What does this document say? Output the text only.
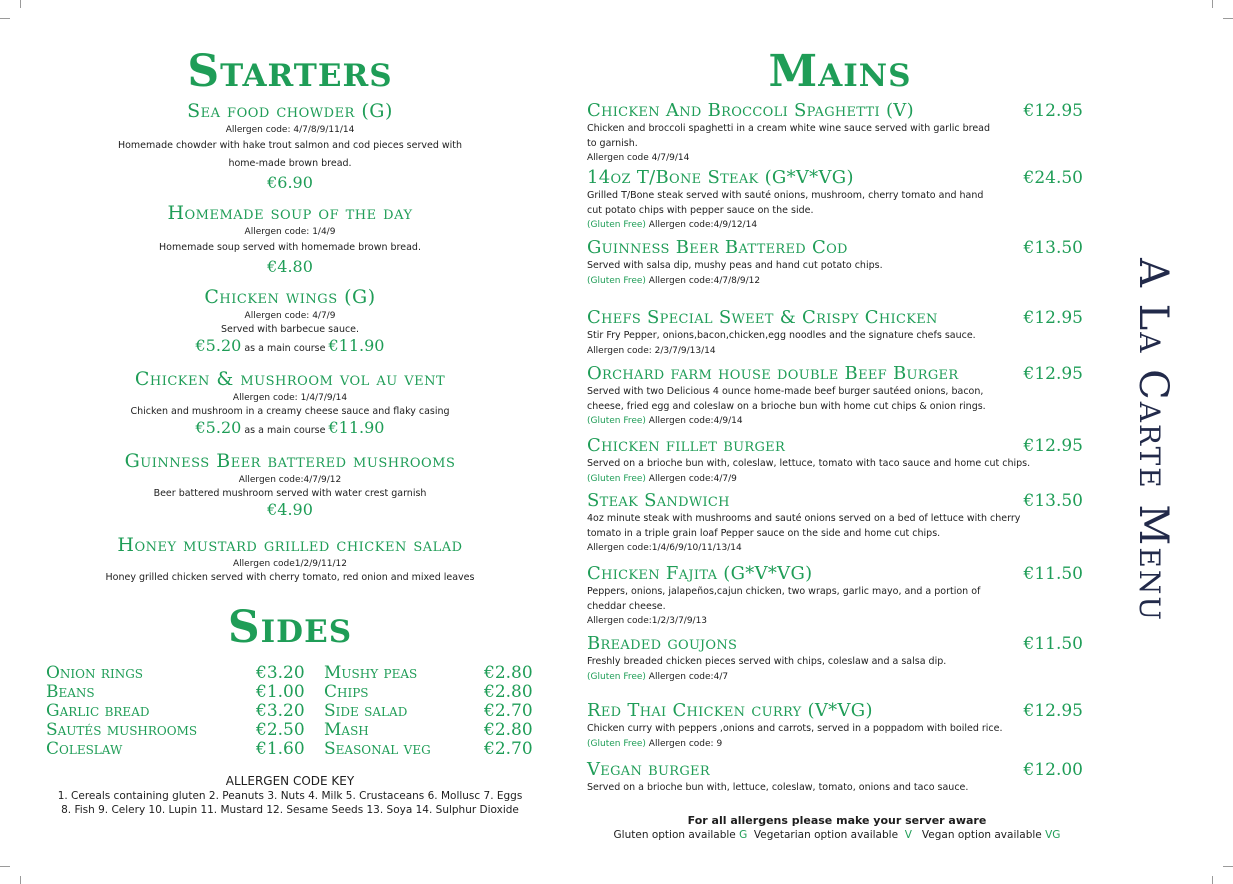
Starters
Sea food chowder (G)
Allergen code: 4/7/8/9/11/14
Homemade chowder with hake trout salmon and cod pieces served with
home-made brown bread.
€6.90
Homemade soup of the day
Allergen code: 1/4/9
Homemade soup served with homemade brown bread.
€4.80
Chicken wings (G)
Allergen code: 4/7/9
Served with barbecue sauce.
€5.20 as a main course €11.90
Chicken & mushroom vol au vent
Allergen code: 1/4/7/9/14
Chicken and mushroom in a creamy cheese sauce and flaky casing
€5.20 as a main course €11.90
Guinness Beer battered mushrooms
Allergen code:4/7/9/12
Beer battered mushroom served with water crest garnish
€4.90
Honey mustard grilled chicken salad
Allergen code1/2/9/11/12
Honey grilled chicken served with cherry tomato, red onion and mixed leaves
Sides
Onion rings	€3.20	Mushy peas	€2.80
Beans	€1.00	Chips	€2.80
Garlic bread	€3.20	Side salad	€2.70
Sautés mushrooms	€2.50	Mash	€2.80
Coleslaw	€1.60	Seasonal veg	€2.70
ALLERGEN CODE KEY
1. Cereals containing gluten 2. Peanuts 3. Nuts 4. Milk 5. Crustaceans 6. Mollusc 7. Eggs
8. Fish 9. Celery 10. Lupin 11. Mustard 12. Sesame Seeds 13. Soya 14. Sulphur Dioxide
Mains
Chicken And Broccoli Spaghetti (V)	€12.95
Chicken and broccoli spaghetti in a cream white wine sauce served with garlic bread
to garnish.
Allergen code 4/7/9/14
14oz T/Bone Steak (G*V*VG)	€24.50
Grilled T/Bone steak served with sauté onions, mushroom, cherry tomato and hand
cut potato chips with pepper sauce on the side.
(Gluten Free) Allergen code:4/9/12/14
Guinness Beer Battered Cod	€13.50
Served with salsa dip, mushy peas and hand cut potato chips.
(Gluten Free) Allergen code:4/7/8/9/12
Chefs Special Sweet & Crispy Chicken	€12.95
Stir Fry Pepper, onions,bacon,chicken,egg noodles and the signature chefs sauce.
Allergen code: 2/3/7/9/13/14
Orchard farm house double Beef Burger	€12.95
Served with two Delicious 4 ounce home-made beef burger sautéed onions, bacon,
cheese, fried egg and coleslaw on a brioche bun with home cut chips & onion rings.
(Gluten Free) Allergen code:4/9/14
Chicken fillet burger	€12.95
Served on a brioche bun with, coleslaw, lettuce, tomato with taco sauce and home cut chips.
(Gluten Free) Allergen code:4/7/9
Steak Sandwich	€13.50
4oz minute steak with mushrooms and sauté onions served on a bed of lettuce with cherry
tomato in a triple grain loaf Pepper sauce on the side and home cut chips.
Allergen code:1/4/6/9/10/11/13/14
Chicken Fajita (G*V*VG)	€11.50
Peppers, onions, jalapeños,cajun chicken, two wraps, garlic mayo, and a portion of
cheddar cheese.
Allergen code:1/2/3/7/9/13
Breaded goujons	€11.50
Freshly breaded chicken pieces served with chips, coleslaw and a salsa dip.
(Gluten Free) Allergen code:4/7
Red Thai Chicken curry (V*VG)	€12.95
Chicken curry with peppers ,onions and carrots, served in a poppadom with boiled rice.
(Gluten Free) Allergen code: 9
Vegan burger	€12.00
Served on a brioche bun with, lettuce, coleslaw, tomato, onions and taco sauce.
For all allergens please make your server aware
Gluten option available G  Vegetarian option available  V   Vegan option available VG
A La Carte Menu
